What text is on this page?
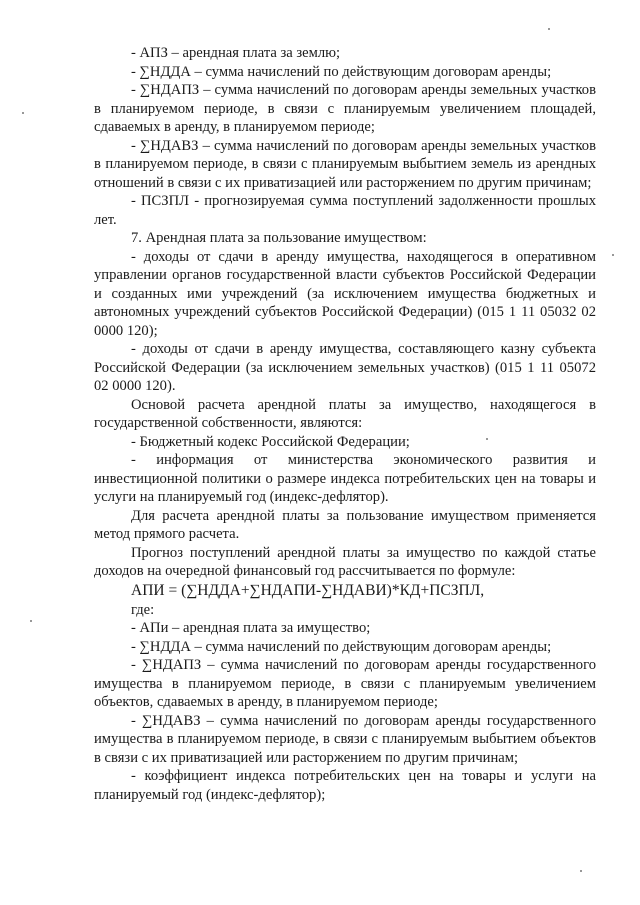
- АПЗ – арендная плата за землю;

- ∑НДДА – сумма начислений по действующим договорам аренды;

- ∑НДАПЗ – сумма начислений по договорам аренды земельных участков в планируемом периоде, в связи с планируемым увеличением площадей, сдаваемых в аренду, в планируемом периоде;

- ∑НДАВЗ – сумма начислений по договорам аренды земельных участков в планируемом периоде, в связи с планируемым выбытием земель из арендных отношений в связи с их приватизацией или расторжением по другим причинам;

- ПСЗПЛ - прогнозируемая сумма поступлений задолженности прошлых лет.

7. Арендная плата за пользование имуществом:

- доходы от сдачи в аренду имущества, находящегося в оперативном управлении органов государственной власти субъектов Российской Федерации и созданных ими учреждений (за исключением имущества бюджетных и автономных учреждений субъектов Российской Федерации) (015 1 11 05032 02 0000 120);

- доходы от сдачи в аренду имущества, составляющего казну субъекта Российской Федерации (за исключением земельных участков) (015 1 11 05072 02 0000 120).

Основой расчета арендной платы за имущество, находящегося в государственной собственности, являются:

- Бюджетный кодекс Российской Федерации;

- информация от министерства экономического развития и инвестиционной политики о размере индекса потребительских цен на товары и услуги на планируемый год (индекс-дефлятор).

Для расчета арендной платы за пользование имуществом применяется метод прямого расчета.

Прогноз поступлений арендной платы за имущество по каждой статье доходов на очередной финансовый год рассчитывается по формуле:

АПИ = (∑НДДА+∑НДАПИ-∑НДАВИ)*КД+ПСЗПЛ,

где:

- АПи – арендная плата за имущество;

- ∑НДДА – сумма начислений по действующим договорам аренды;

- ∑НДАПЗ – сумма начислений по договорам аренды государственного имущества в планируемом периоде, в связи с планируемым увеличением объектов, сдаваемых в аренду, в планируемом периоде;

- ∑НДАВЗ – сумма начислений по договорам аренды государственного имущества в планируемом периоде, в связи с планируемым выбытием объектов в связи с их приватизацией или расторжением по другим причинам;

- коэффициент индекса потребительских цен на товары и услуги на планируемый год (индекс-дефлятор);
